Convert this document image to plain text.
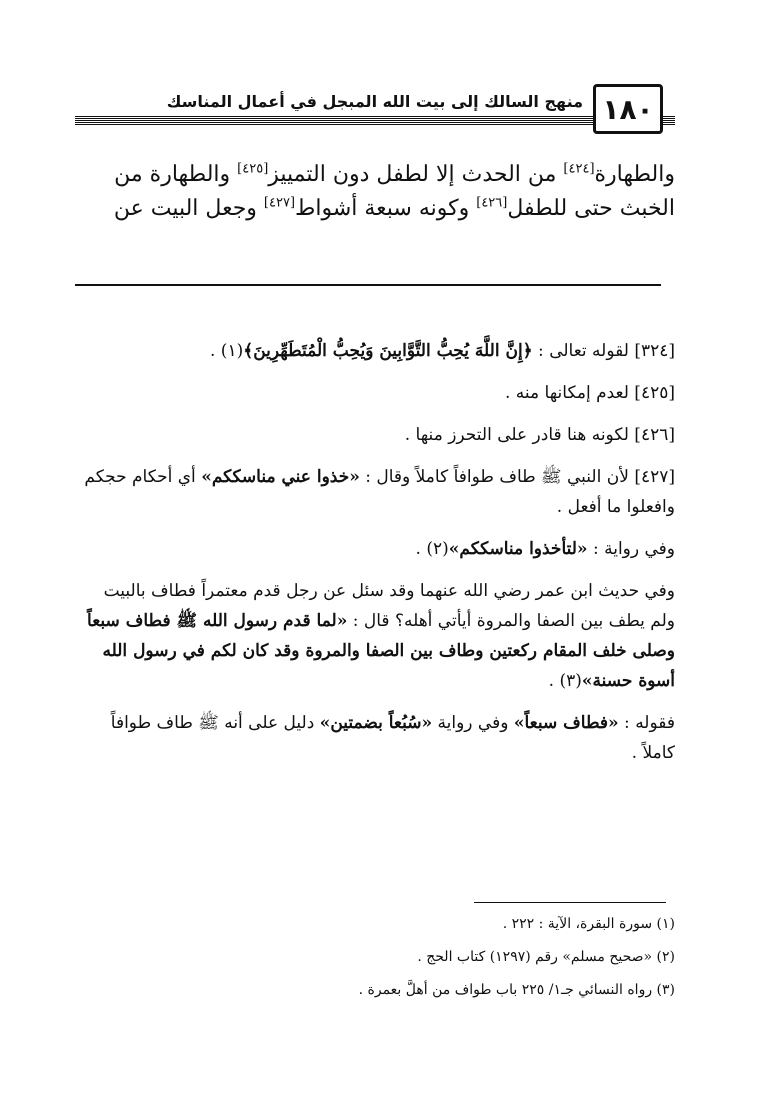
١٨٠
منهج السالك إلى بيت الله المبجل في أعمال المناسك

والطهارة[٤٢٤] من الحدث إلا لطفل دون التمييز[٤٢٥] والطهارة من

الخبث حتى للطفل[٤٢٦] وكونه سبعة أشواط[٤٢٧] وجعل البيت عن

[٣٢٤] لقوله تعالى : ﴿إِنَّ اللَّهَ يُحِبُّ التَّوَّابِينَ وَيُحِبُّ الْمُتَطَهِّرِينَ﴾(١) .

[٤٢٥] لعدم إمكانها منه .

[٤٢٦] لكونه هنا قادر على التحرز منها .

[٤٢٧] لأن النبي ﷺ طاف طوافاً كاملاً وقال : «خذوا عني مناسككم» أي أحكام حجكم وافعلوا ما أفعل .

وفي رواية : «لتأخذوا مناسككم»(٢) .

وفي حديث ابن عمر رضي الله عنهما وقد سئل عن رجل قدم معتمراً فطاف بالبيت ولم يطف بين الصفا والمروة أيأتي أهله؟ قال : «لما قدم رسول الله ﷺ فطاف سبعاً وصلى خلف المقام ركعتين وطاف بين الصفا والمروة وقد كان لكم في رسول الله أسوة حسنة»(٣) .

فقوله : «فطاف سبعاً» وفي رواية «سُبُعاً بضمتين» دليل على أنه ﷺ طاف طوافاً كاملاً .

(١) سورة البقرة، الآية : ٢٢٢ .

(٢) «صحيح مسلم» رقم (١٢٩٧) كتاب الحج .

(٣) رواه النسائي جـ١/ ٢٢٥ باب طواف من أهلَّ بعمرة .
